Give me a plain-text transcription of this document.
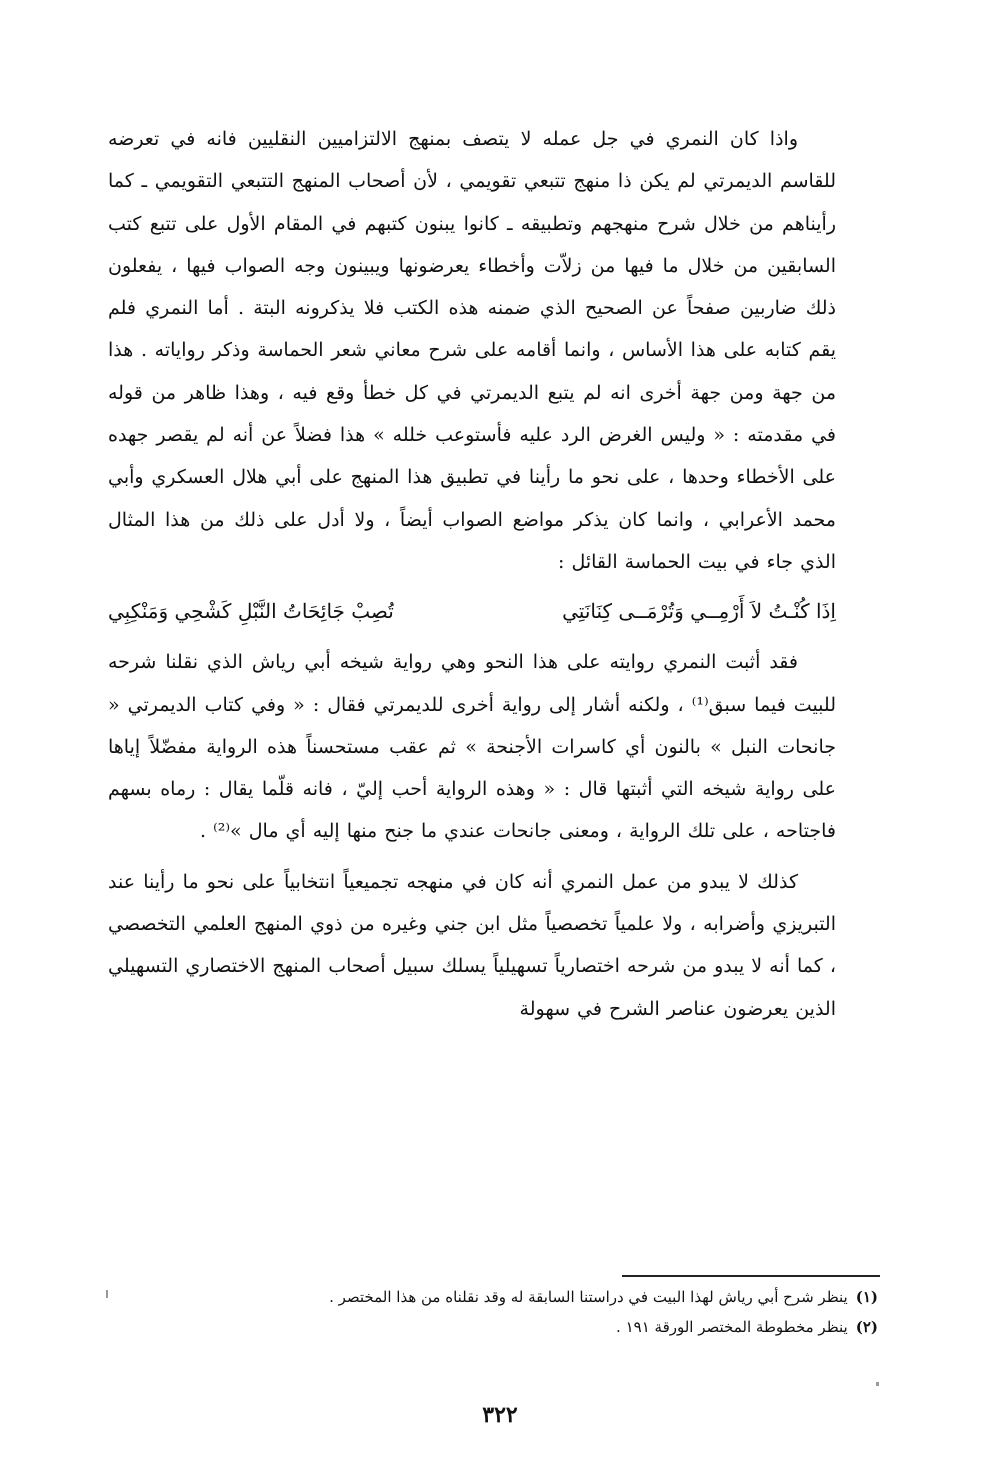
واذا كان النمري في جل عمله لا يتصف بمنهج الالتزاميين النقليين فانه في تعرضه للقاسم الديمرتي لم يكن ذا منهج تتبعي تقويمي ، لأن أصحاب المنهج التتبعي التقويمي ـ كما رأيناهم من خلال شرح منهجهم وتطبيقه ـ كانوا يبنون كتبهم في المقام الأول على تتبع كتب السابقين من خلال ما فيها من زلاّت وأخطاء يعرضونها ويبينون وجه الصواب فيها ، يفعلون ذلك ضاربين صفحاً عن الصحيح الذي ضمنه هذه الكتب فلا يذكرونه البتة . أما النمري فلم يقم كتابه على هذا الأساس ، وانما أقامه على شرح معاني شعر الحماسة وذكر رواياته . هذا من جهة ومن جهة أخرى انه لم يتبع الديمرتي في كل خطأ وقع فيه ، وهذا ظاهر من قوله في مقدمته : « وليس الغرض الرد عليه فأستوعب خلله » هذا فضلاً عن أنه لم يقصر جهده على الأخطاء وحدها ، على نحو ما رأينا في تطبيق هذا المنهج على أبي هلال العسكري وأبي محمد الأعرابي ، وانما كان يذكر مواضع الصواب أيضاً ، ولا أدل على ذلك من هذا المثال الذي جاء في بيت الحماسة القائل :

اِذَا كُنْـتُ لاَ أَرْمِــي وَتُرْمَــى كِنَانَتِي
تُصِبْ جَائِحَاتُ النَّبْلِ كَشْحِي وَمَنْكِبِي

فقد أثبت النمري روايته على هذا النحو وهي رواية شيخه أبي رياش الذي نقلنا شرحه للبيت فيما سبق⁽¹⁾ ، ولكنه أشار إلى رواية أخرى للديمرتي فقال : « وفي كتاب الديمرتي « جانحات النبل » بالنون أي كاسرات الأجنحة » ثم عقب مستحسناً هذه الرواية مفضّلاً إياها على رواية شيخه التي أثبتها قال : « وهذه الرواية أحب إليّ ، فانه قلّما يقال : رماه بسهم فاجتاحه ، على تلك الرواية ، ومعنى جانحات عندي ما جنح منها إليه أي مال »⁽²⁾ .

كذلك لا يبدو من عمل النمري أنه كان في منهجه تجميعياً انتخابياً على نحو ما رأينا عند التبريزي وأضرابه ، ولا علمياً تخصصياً مثل ابن جني وغيره من ذوي المنهج العلمي التخصصي ، كما أنه لا يبدو من شرحه اختصارياً تسهيلياً يسلك سبيل أصحاب المنهج الاختصاري التسهيلي الذين يعرضون عناصر الشرح في سهولة

(١)ينظر شرح أبي رياش لهذا البيت في دراستنا السابقة له وقد نقلناه من هذا المختصر .

(٢)ينظر مخطوطة المختصر الورقة ١٩١ .

٣٢٢
